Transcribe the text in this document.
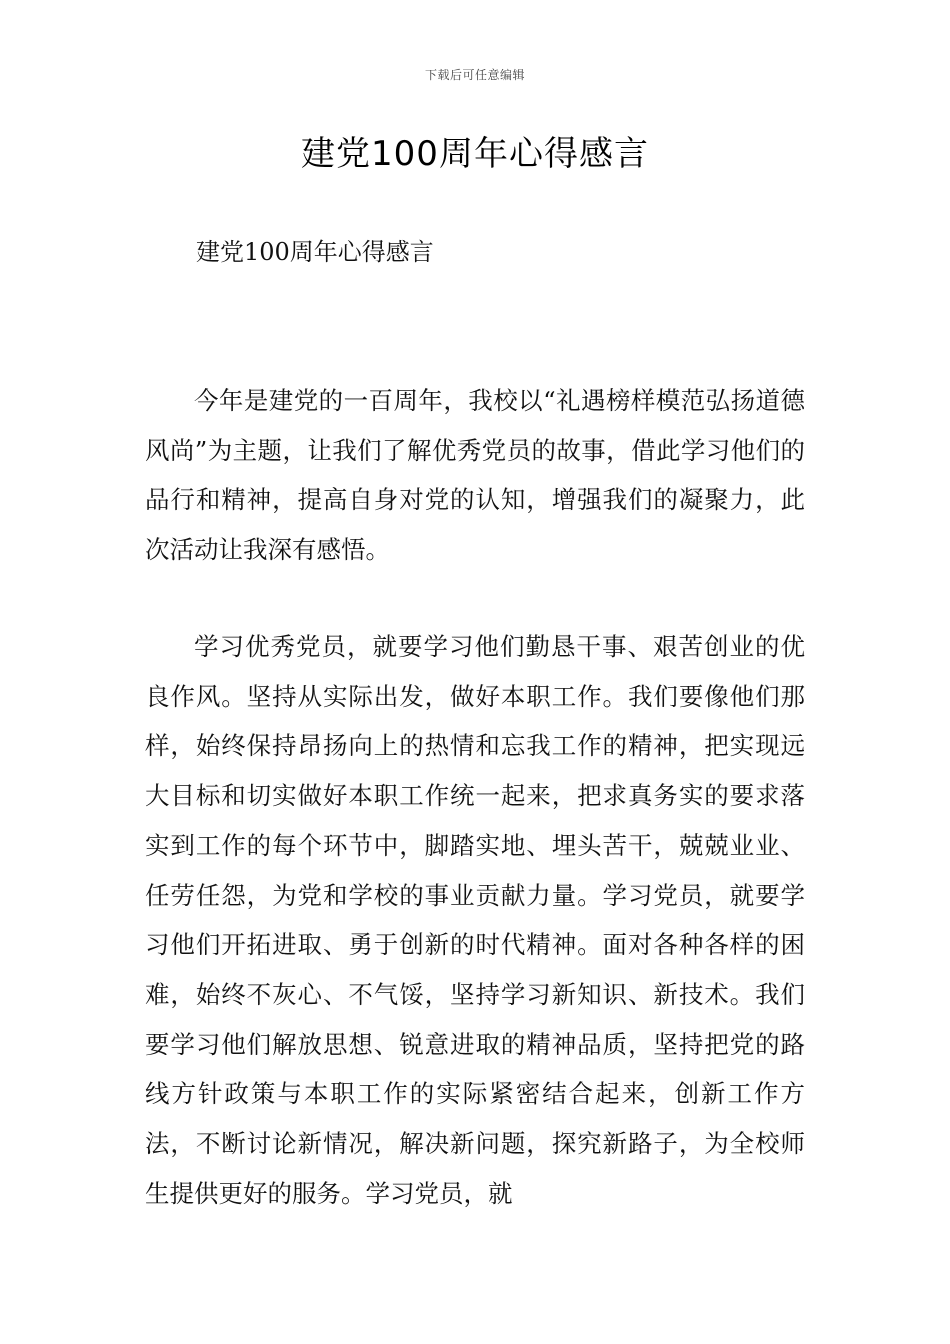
下载后可任意编辑
建党100周年心得感言
建党100周年心得感言

今年是建党的一百周年，我校以“礼遇榜样模范弘扬道德风尚”为主题，让我们了解优秀党员的故事，借此学习他们的品行和精神，提高自身对党的认知，增强我们的凝聚力，此次活动让我深有感悟。

学习优秀党员，就要学习他们勤恳干事、艰苦创业的优良作风。坚持从实际出发，做好本职工作。我们要像他们那样，始终保持昂扬向上的热情和忘我工作的精神，把实现远大目标和切实做好本职工作统一起来，把求真务实的要求落实到工作的每个环节中，脚踏实地、埋头苦干，兢兢业业、任劳任怨，为党和学校的事业贡献力量。学习党员，就要学习他们开拓进取、勇于创新的时代精神。面对各种各样的困难，始终不灰心、不气馁，坚持学习新知识、新技术。我们要学习他们解放思想、锐意进取的精神品质，坚持把党的路线方针政策与本职工作的实际紧密结合起来，创新工作方法，不断讨论新情况，解决新问题，探究新路子，为全校师生提供更好的服务。学习党员，就
